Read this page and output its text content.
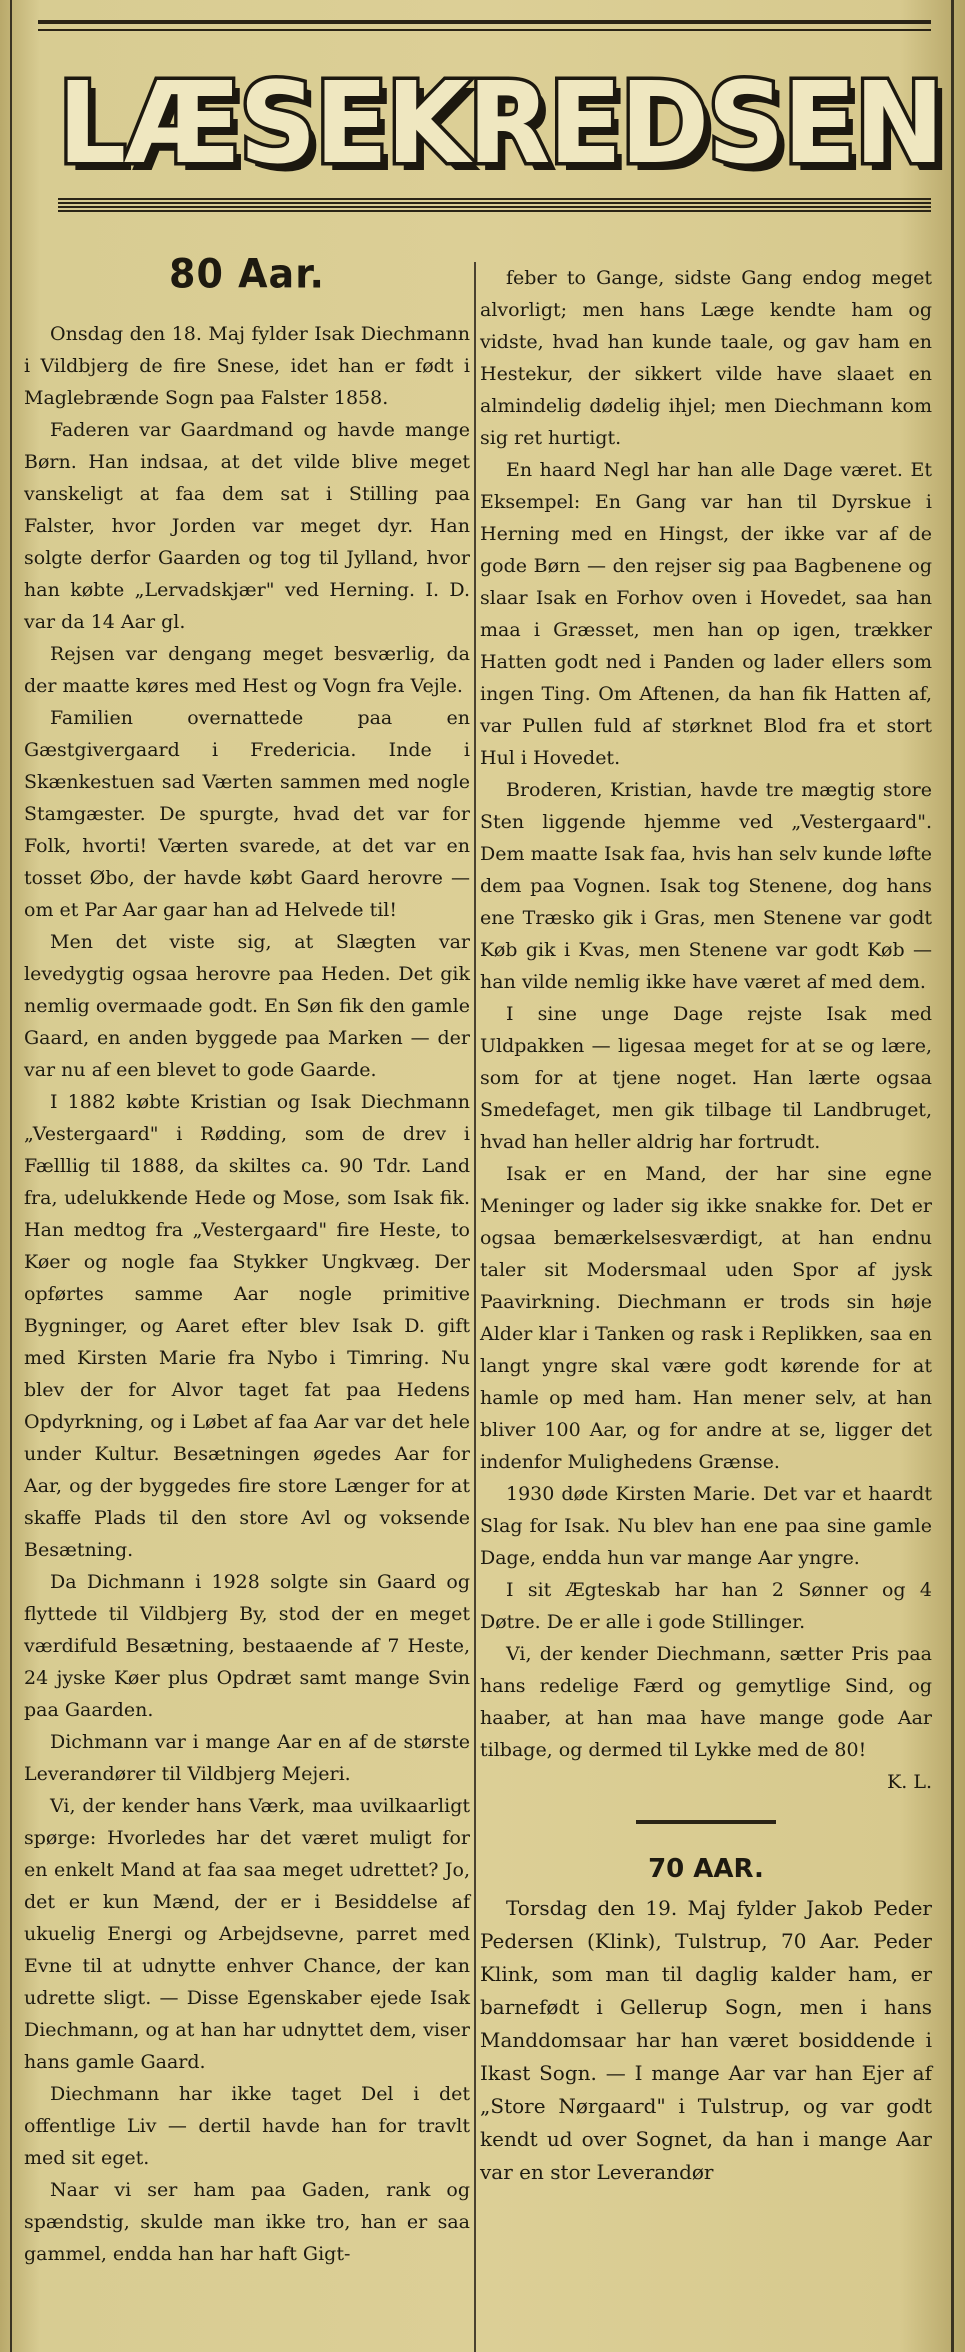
LÆSEKREDSEN
80 Aar.

Onsdag den 18. Maj fylder Isak Diechmann i Vildbjerg de fire Snese, idet han er født i Maglebrænde Sogn paa Falster 1858.

Faderen var Gaardmand og havde mange Børn. Han indsaa, at det vilde blive meget vanskeligt at faa dem sat i Stilling paa Falster, hvor Jorden var meget dyr. Han solgte derfor Gaarden og tog til Jylland, hvor han købte „Lervadskjær" ved Herning. I. D. var da 14 Aar gl.

Rejsen var dengang meget besværlig, da der maatte køres med Hest og Vogn fra Vejle.

Familien overnattede paa en Gæstgivergaard i Fredericia. Inde i Skænkestuen sad Værten sammen med nogle Stamgæster. De spurgte, hvad det var for Folk, hvorti! Værten svarede, at det var en tosset Øbo, der havde købt Gaard herovre — om et Par Aar gaar han ad Helvede til!

Men det viste sig, at Slægten var levedygtig ogsaa herovre paa Heden. Det gik nemlig overmaade godt. En Søn fik den gamle Gaard, en anden byggede paa Marken — der var nu af een blevet to gode Gaarde.

I 1882 købte Kristian og Isak Diechmann „Vestergaard" i Rødding, som de drev i Fælllig til 1888, da skiltes ca. 90 Tdr. Land fra, udelukkende Hede og Mose, som Isak fik. Han medtog fra „Vestergaard" fire Heste, to Køer og nogle faa Stykker Ungkvæg. Der opførtes samme Aar nogle primitive Bygninger, og Aaret efter blev Isak D. gift med Kirsten Marie fra Nybo i Timring. Nu blev der for Alvor taget fat paa Hedens Opdyrkning, og i Løbet af faa Aar var det hele under Kultur. Besætningen øgedes Aar for Aar, og der byggedes fire store Længer for at skaffe Plads til den store Avl og voksende Besætning.

Da Dichmann i 1928 solgte sin Gaard og flyttede til Vildbjerg By, stod der en meget værdifuld Besætning, bestaaende af 7 Heste, 24 jyske Køer plus Opdræt samt mange Svin paa Gaarden.

Dichmann var i mange Aar en af de største Leverandører til Vildbjerg Mejeri.

Vi, der kender hans Værk, maa uvilkaarligt spørge: Hvorledes har det været muligt for en enkelt Mand at faa saa meget udrettet? Jo, det er kun Mænd, der er i Besiddelse af ukuelig Energi og Arbejdsevne, parret med Evne til at udnytte enhver Chance, der kan udrette sligt. — Disse Egenskaber ejede Isak Diechmann, og at han har udnyttet dem, viser hans gamle Gaard.

Diechmann har ikke taget Del i det offentlige Liv — dertil havde han for travlt med sit eget.

Naar vi ser ham paa Gaden, rank og spændstig, skulde man ikke tro, han er saa gammel, endda han har haft Gigt-

feber to Gange, sidste Gang endog meget alvorligt; men hans Læge kendte ham og vidste, hvad han kunde taale, og gav ham en Hestekur, der sikkert vilde have slaaet en almindelig dødelig ihjel; men Diechmann kom sig ret hurtigt.

En haard Negl har han alle Dage været. Et Eksempel: En Gang var han til Dyrskue i Herning med en Hingst, der ikke var af de gode Børn — den rejser sig paa Bagbenene og slaar Isak en Forhov oven i Hovedet, saa han maa i Græsset, men han op igen, trækker Hatten godt ned i Panden og lader ellers som ingen Ting. Om Aftenen, da han fik Hatten af, var Pullen fuld af størknet Blod fra et stort Hul i Hovedet.

Broderen, Kristian, havde tre mægtig store Sten liggende hjemme ved „Vestergaard". Dem maatte Isak faa, hvis han selv kunde løfte dem paa Vognen. Isak tog Stenene, dog hans ene Træsko gik i Gras, men Stenene var godt Køb gik i Kvas, men Stenene var godt Køb — han vilde nemlig ikke have været af med dem.

I sine unge Dage rejste Isak med Uldpakken — ligesaa meget for at se og lære, som for at tjene noget. Han lærte ogsaa Smedefaget, men gik tilbage til Landbruget, hvad han heller aldrig har fortrudt.

Isak er en Mand, der har sine egne Meninger og lader sig ikke snakke for. Det er ogsaa bemærkelsesværdigt, at han endnu taler sit Modersmaal uden Spor af jysk Paavirkning. Diechmann er trods sin høje Alder klar i Tanken og rask i Replikken, saa en langt yngre skal være godt kørende for at hamle op med ham. Han mener selv, at han bliver 100 Aar, og for andre at se, ligger det indenfor Mulighedens Grænse.

1930 døde Kirsten Marie. Det var et haardt Slag for Isak. Nu blev han ene paa sine gamle Dage, endda hun var mange Aar yngre.

I sit Ægteskab har han 2 Sønner og 4 Døtre. De er alle i gode Stillinger.

Vi, der kender Diechmann, sætter Pris paa hans redelige Færd og gemytlige Sind, og haaber, at han maa have mange gode Aar tilbage, og dermed til Lykke med de 80!

K. L.
70 AAR.

Torsdag den 19. Maj fylder Jakob Peder Pedersen (Klink), Tulstrup, 70 Aar. Peder Klink, som man til daglig kalder ham, er barnefødt i Gellerup Sogn, men i hans Manddomsaar har han været bosiddende i Ikast Sogn. — I mange Aar var han Ejer af „Store Nørgaard" i Tulstrup, og var godt kendt ud over Sognet, da han i mange Aar var en stor Leverandør
